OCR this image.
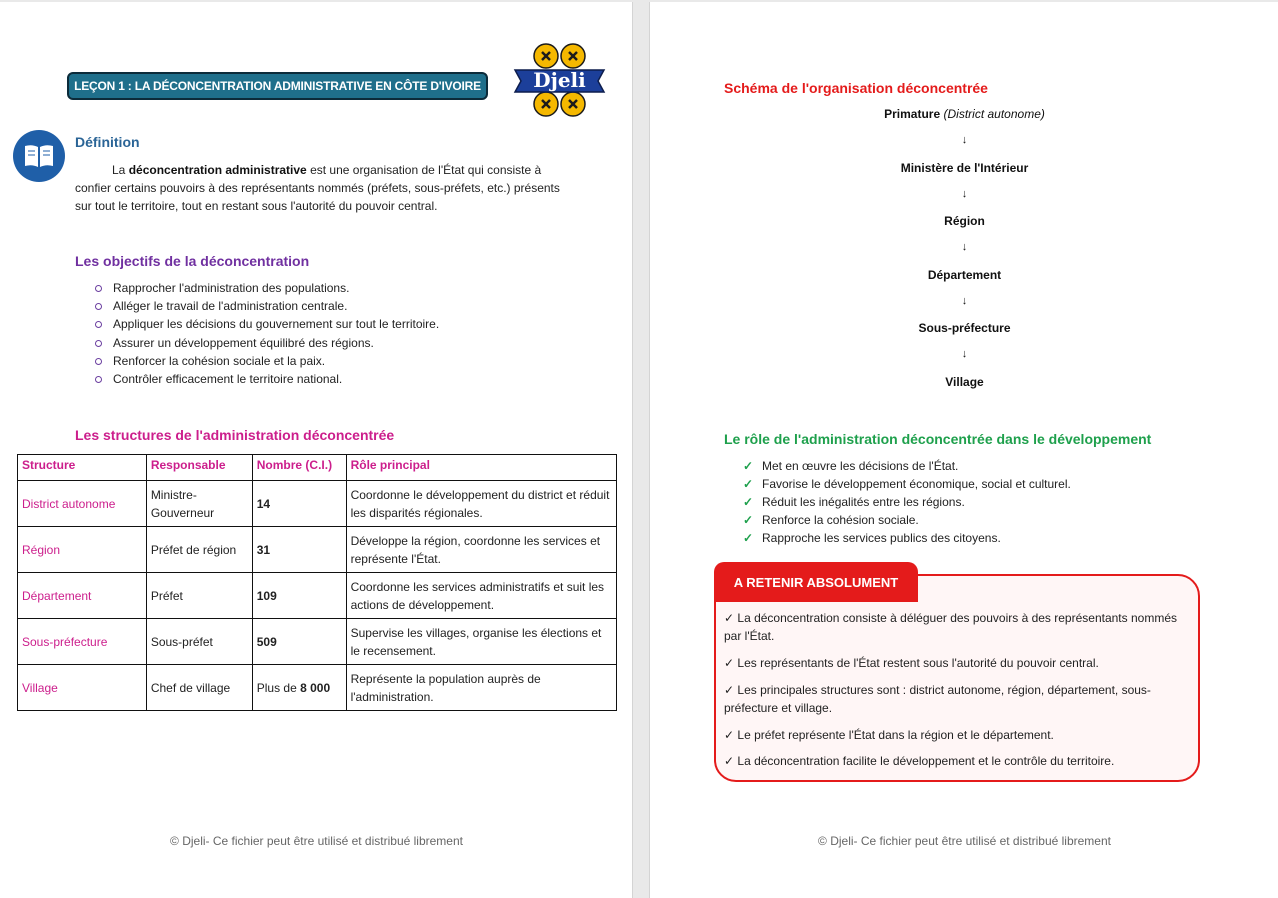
LEÇON 1 : LA DÉCONCENTRATION ADMINISTRATIVE EN CÔTE D'IVOIRE	Djeli
Définition
La déconcentration administrative est une organisation de l'État qui consiste à confier certains pouvoirs à des représentants nommés (préfets, sous-préfets, etc.) présents sur tout le territoire, tout en restant sous l'autorité du pouvoir central.
Les objectifs de la déconcentration
Rapprocher l'administration des populations.
Alléger le travail de l'administration centrale.
Appliquer les décisions du gouvernement sur tout le territoire.
Assurer un développement équilibré des régions.
Renforcer la cohésion sociale et la paix.
Contrôler efficacement le territoire national.
Les structures de l'administration déconcentrée
Structure	Responsable	Nombre (C.I.)	Rôle principal
District autonome	Ministre-Gouverneur	14	Coordonne le développement du district et réduit les disparités régionales.
Région	Préfet de région	31	Développe la région, coordonne les services et représente l'État.
Département	Préfet	109	Coordonne les services administratifs et suit les actions de développement.
Sous-préfecture	Sous-préfet	509	Supervise les villages, organise les élections et le recensement.
Village	Chef de village	Plus de 8 000	Représente la population auprès de l'administration.
© Djeli- Ce fichier peut être utilisé et distribué librement
Schéma de l'organisation déconcentrée
Primature (District autonome)
↓
Ministère de l'Intérieur
↓
Région
↓
Département
↓
Sous-préfecture
↓
Village
Le rôle de l'administration déconcentrée dans le développement
✓ Met en œuvre les décisions de l'État.
✓ Favorise le développement économique, social et culturel.
✓ Réduit les inégalités entre les régions.
✓ Renforce la cohésion sociale.
✓ Rapproche les services publics des citoyens.
A RETENIR ABSOLUMENT
✓ La déconcentration consiste à déléguer des pouvoirs à des représentants nommés par l'État.
✓ Les représentants de l'État restent sous l'autorité du pouvoir central.
✓ Les principales structures sont : district autonome, région, département, sous-préfecture et village.
✓ Le préfet représente l'État dans la région et le département.
✓ La déconcentration facilite le développement et le contrôle du territoire.
© Djeli- Ce fichier peut être utilisé et distribué librement
